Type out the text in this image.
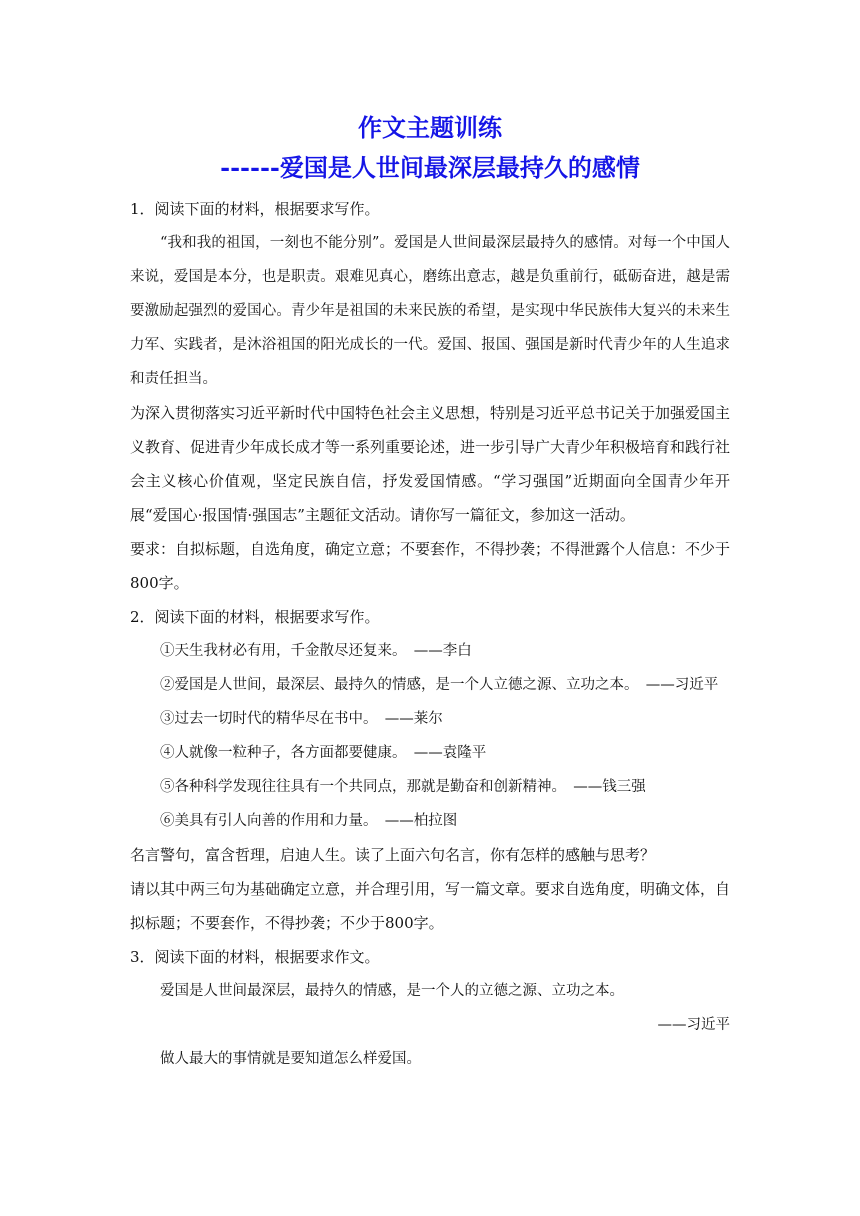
作文主题训练
------爱国是人世间最深层最持久的感情

1．阅读下面的材料，根据要求写作。

“我和我的祖国，一刻也不能分别”。爱国是人世间最深层最持久的感情。对每一个中国人来说，爱国是本分，也是职责。艰难见真心，磨练出意志，越是负重前行，砥砺奋进，越是需要激励起强烈的爱国心。青少年是祖国的未来民族的希望，是实现中华民族伟大复兴的未来生力军、实践者，是沐浴祖国的阳光成长的一代。爱国、报国、强国是新时代青少年的人生追求和责任担当。

为深入贯彻落实习近平新时代中国特色社会主义思想，特别是习近平总书记关于加强爱国主义教育、促进青少年成长成才等一系列重要论述，进一步引导广大青少年积极培育和践行社会主义核心价值观，坚定民族自信，抒发爱国情感。“学习强国”近期面向全国青少年开展“爱国心·报国情·强国志”主题征文活动。请你写一篇征文，参加这一活动。

要求：自拟标题，自选角度，确定立意；不要套作，不得抄袭；不得泄露个人信息：不少于800字。

2．阅读下面的材料，根据要求写作。

①天生我材必有用，千金散尽还复来。　——李白

②爱国是人世间，最深层、最持久的情感，是一个人立德之源、立功之本。　——习近平

③过去一切时代的精华尽在书中。　——莱尔

④人就像一粒种子，各方面都要健康。　——袁隆平

⑤各种科学发现往往具有一个共同点，那就是勤奋和创新精神。　——钱三强

⑥美具有引人向善的作用和力量。　——柏拉图

名言警句，富含哲理，启迪人生。读了上面六句名言，你有怎样的感触与思考？

请以其中两三句为基础确定立意，并合理引用，写一篇文章。要求自选角度，明确文体，自拟标题；不要套作，不得抄袭；不少于800字。

3．阅读下面的材料，根据要求作文。

爱国是人世间最深层，最持久的情感，是一个人的立德之源、立功之本。

——习近平

做人最大的事情就是要知道怎么样爱国。
